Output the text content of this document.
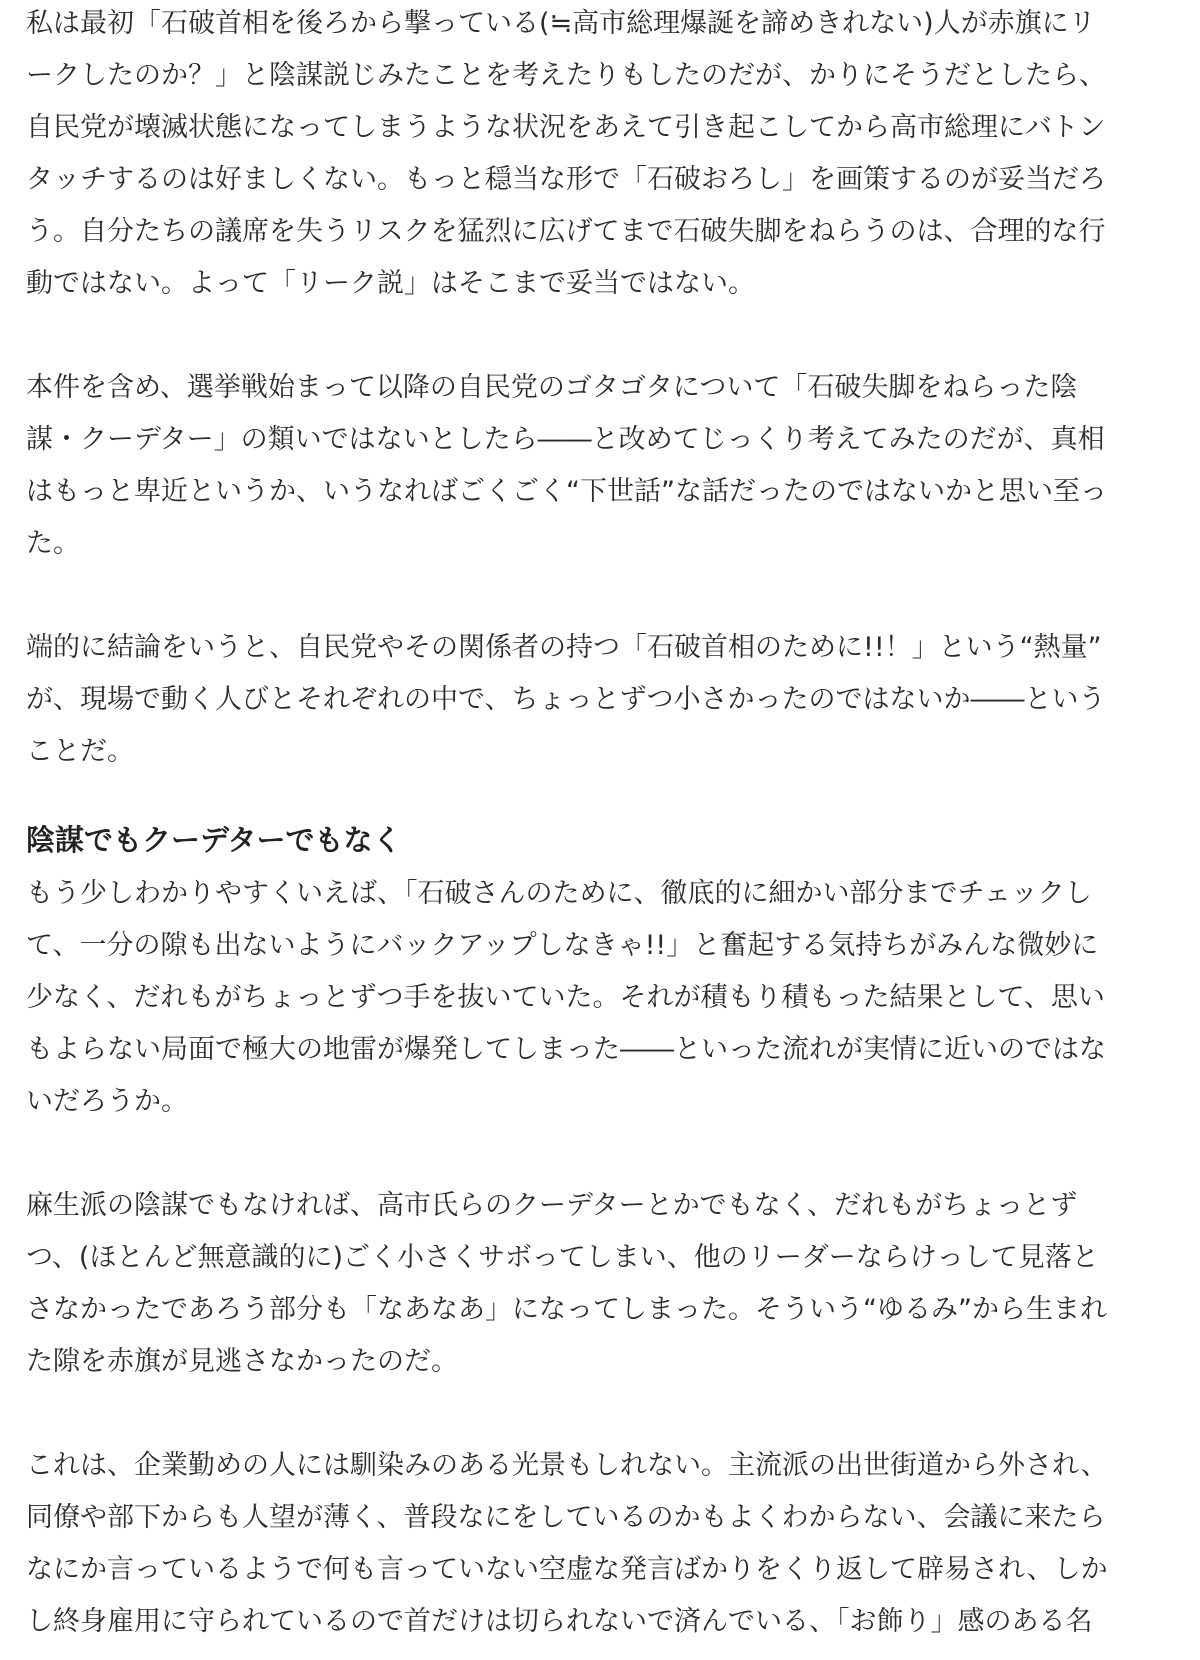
私は最初「石破首相を後ろから撃っている(≒高市総理爆誕を諦めきれない)人が赤旗にリ
ークしたのか？」と陰謀説じみたことを考えたりもしたのだが、かりにそうだとしたら、
自民党が壊滅状態になってしまうような状況をあえて引き起こしてから高市総理にバトン
タッチするのは好ましくない。もっと穏当な形で「石破おろし」を画策するのが妥当だろ
う。自分たちの議席を失うリスクを猛烈に広げてまで石破失脚をねらうのは、合理的な行
動ではない。よって「リーク説」はそこまで妥当ではない。
本件を含め、選挙戦始まって以降の自民党のゴタゴタについて「石破失脚をねらった陰
謀・クーデター」の類いではないとしたら――と改めてじっくり考えてみたのだが、真相
はもっと卑近というか、いうなればごくごく“下世話”な話だったのではないかと思い至っ
た。
端的に結論をいうと、自民党やその関係者の持つ「石破首相のために!!！」という“熱量”
が、現場で動く人びとそれぞれの中で、ちょっとずつ小さかったのではないか――という
ことだ。
陰謀でもクーデターでもなく
もう少しわかりやすくいえば、「石破さんのために、徹底的に細かい部分までチェックし
て、一分の隙も出ないようにバックアップしなきゃ!!」と奮起する気持ちがみんな微妙に
少なく、だれもがちょっとずつ手を抜いていた。それが積もり積もった結果として、思い
もよらない局面で極大の地雷が爆発してしまった――といった流れが実情に近いのではな
いだろうか。
麻生派の陰謀でもなければ、高市氏らのクーデターとかでもなく、だれもがちょっとず
つ、(ほとんど無意識的に)ごく小さくサボってしまい、他のリーダーならけっして見落と
さなかったであろう部分も「なあなあ」になってしまった。そういう“ゆるみ”から生まれ
た隙を赤旗が見逃さなかったのだ。
これは、企業勤めの人には馴染みのある光景もしれない。主流派の出世街道から外され、
同僚や部下からも人望が薄く、普段なにをしているのかもよくわからない、会議に来たら
なにか言っているようで何も言っていない空虚な発言ばかりをくり返して辟易され、しか
し終身雇用に守られているので首だけは切られないで済んでいる、「お飾り」感のある名
